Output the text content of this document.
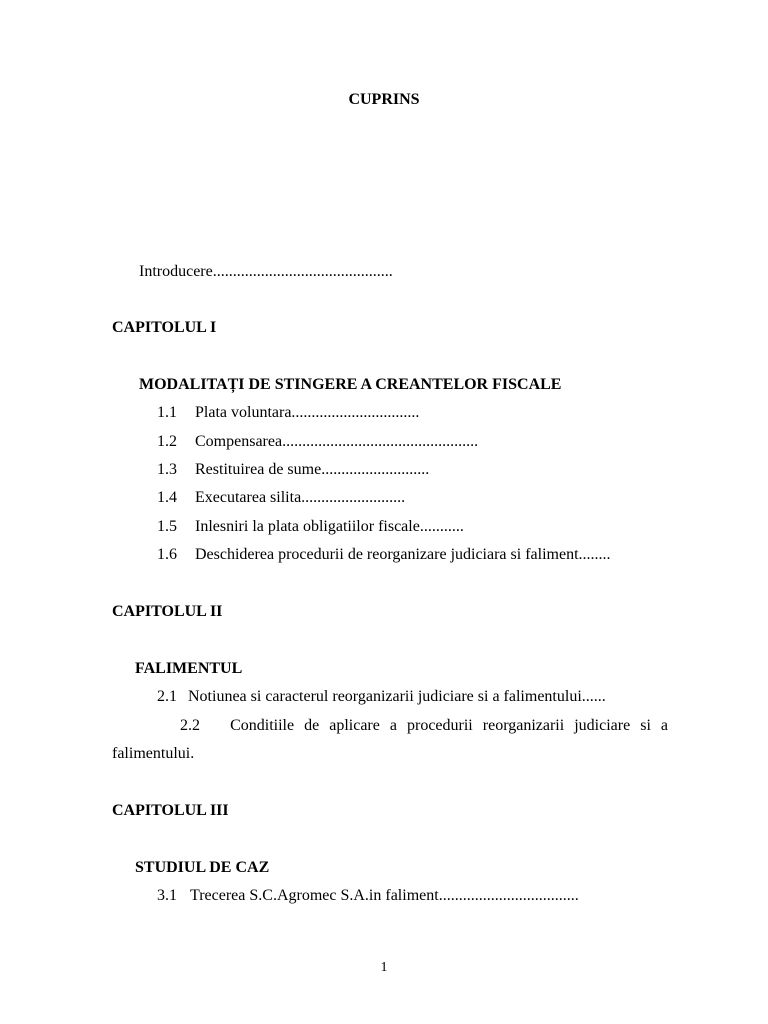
CUPRINS
Introducere.............................................
CAPITOLUL I
MODALITAȚI DE STINGERE A CREANTELOR FISCALE
1.1 Plata voluntara................................
1.2 Compensarea.................................................
1.3 Restituirea de sume...........................
1.4 Executarea silita..........................
1.5 Inlesniri la plata obligatiilor fiscale...........
1.6 Deschiderea procedurii de reorganizare judiciara si faliment........
CAPITOLUL II
FALIMENTUL
2.1 Notiunea si caracterul reorganizarii judiciare si a falimentului......
2.2 Conditiile de aplicare a procedurii reorganizarii judiciare si a
falimentului.
CAPITOLUL III
STUDIUL DE CAZ
3.1 Trecerea S.C.Agromec S.A.in faliment...................................
1
